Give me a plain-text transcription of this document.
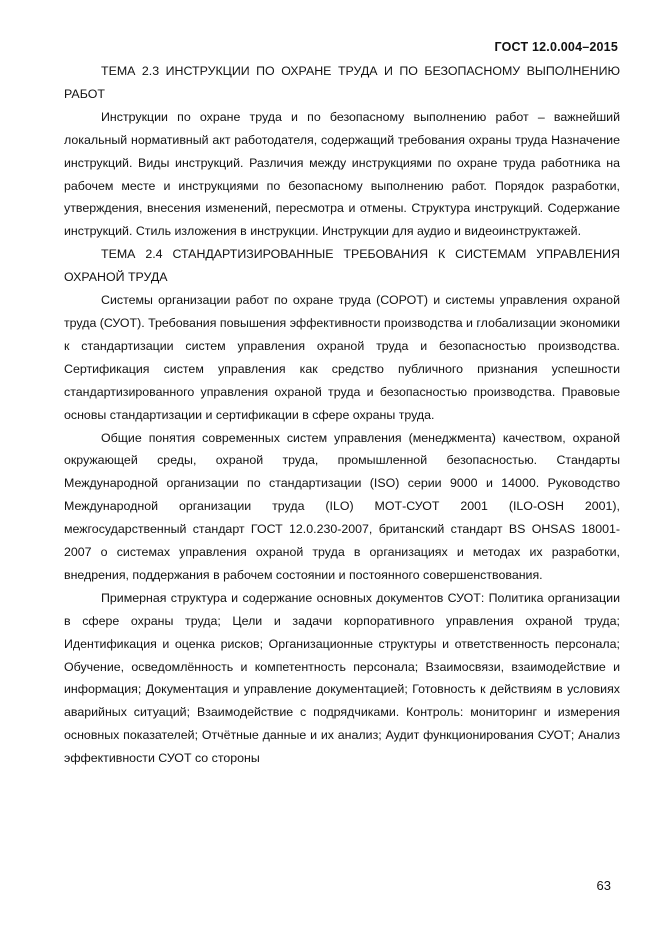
ГОСТ 12.0.004–2015

ТЕМА 2.3 ИНСТРУКЦИИ ПО ОХРАНЕ ТРУДА И ПО БЕЗОПАСНОМУ ВЫПОЛНЕНИЮ РАБОТ

Инструкции по охране труда и по безопасному выполнению работ – важнейший локальный нормативный акт работодателя, содержащий требования охраны труда Назначение инструкций. Виды инструкций. Различия между инструкциями по охране труда работника на рабочем месте и инструкциями по безопасному выполнению работ. Порядок разработки, утверждения, внесения изменений, пересмотра и отмены. Структура инструкций. Содержание инструкций. Стиль изложения в инструкции. Инструкции для аудио и видеоинструктажей.

ТЕМА 2.4 СТАНДАРТИЗИРОВАННЫЕ ТРЕБОВАНИЯ К СИСТЕМАМ УПРАВЛЕНИЯ ОХРАНОЙ ТРУДА

Системы организации работ по охране труда (СОРОТ) и системы управления охраной труда (СУОТ). Требования повышения эффективности производства и глобализации экономики к стандартизации систем управления охраной труда и безопасностью производства. Сертификация систем управления как средство публичного признания успешности стандартизированного управления охраной труда и безопасностью производства. Правовые основы стандартизации и сертификации в сфере охраны труда.

Общие понятия современных систем управления (менеджмента) качеством, охраной окружающей среды, охраной труда, промышленной безопасностью. Стандарты Международной организации по стандартизации (ISO) серии 9000 и 14000. Руководство Международной организации труда (ILO) МОТ-СУОТ 2001 (ILO-OSH 2001), межгосударственный стандарт ГОСТ 12.0.230-2007, британский стандарт BS OHSAS 18001-2007 о системах управления охраной труда в организациях и методах их разработки, внедрения, поддержания в рабочем состоянии и постоянного совершенствования.

Примерная структура и содержание основных документов СУОТ: Политика организации в сфере охраны труда; Цели и задачи корпоративного управления охраной труда; Идентификация и оценка рисков; Организационные структуры и ответственность персонала; Обучение, осведомлённость и компетентность персонала; Взаимосвязи, взаимодействие и информация; Документация и управление документацией; Готовность к действиям в условиях аварийных ситуаций; Взаимодействие с подрядчиками. Контроль: мониторинг и измерения основных показателей; Отчётные данные и их анализ; Аудит функционирования СУОТ; Анализ эффективности СУОТ со стороны

63
